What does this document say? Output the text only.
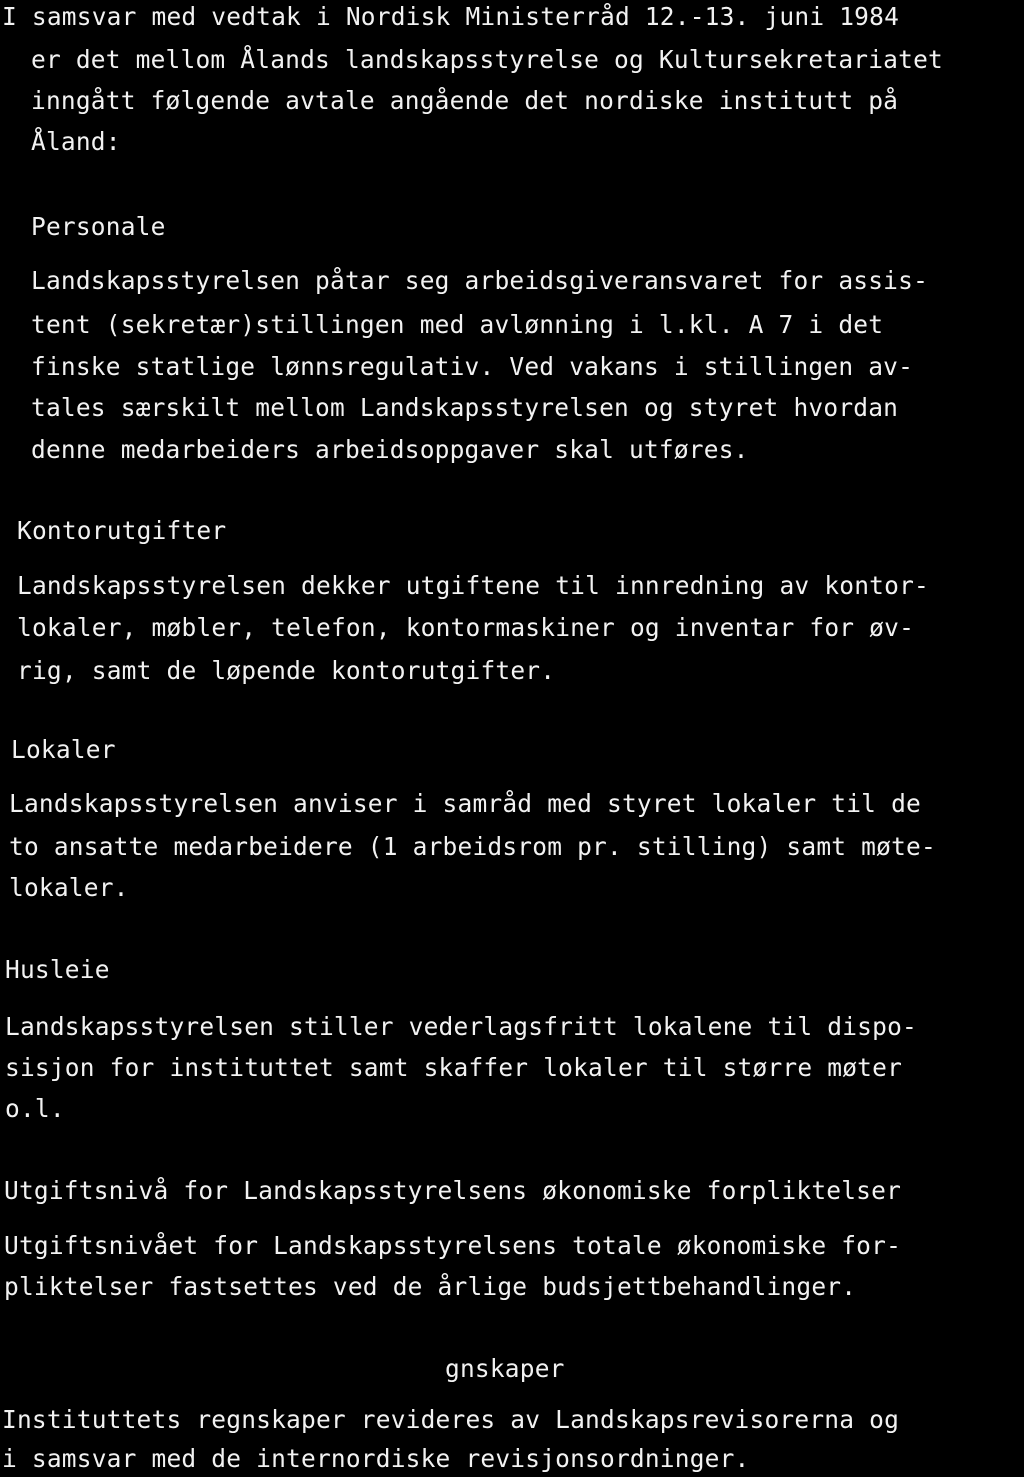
I samsvar med vedtak i Nordisk Ministerråd 12.-13. juni 1984
er det mellom Ålands landskapsstyrelse og Kultursekretariatet
inngått følgende avtale angående det nordiske institutt på
Åland:
Personale
Landskapsstyrelsen påtar seg arbeidsgiveransvaret for assis-
tent (sekretær)stillingen med avlønning i l.kl. A 7 i det
finske statlige lønnsregulativ. Ved vakans i stillingen av-
tales særskilt mellom Landskapsstyrelsen og styret hvordan
denne medarbeiders arbeidsoppgaver skal utføres.
Kontorutgifter
Landskapsstyrelsen dekker utgiftene til innredning av kontor-
lokaler, møbler, telefon, kontormaskiner og inventar for øv-
rig, samt de løpende kontorutgifter.
Lokaler
Landskapsstyrelsen anviser i samråd med styret lokaler til de
to ansatte medarbeidere (1 arbeidsrom pr. stilling) samt møte-
lokaler.
Husleie
Landskapsstyrelsen stiller vederlagsfritt lokalene til dispo-
sisjon for instituttet samt skaffer lokaler til større møter
o.l.
Utgiftsnivå for Landskapsstyrelsens økonomiske forpliktelser
Utgiftsnivået for Landskapsstyrelsens totale økonomiske for-
pliktelser fastsettes ved de årlige budsjettbehandlinger.
gnskaper
Instituttets regnskaper revideres av Landskapsrevisorerna og
i samsvar med de internordiske revisjonsordninger.
